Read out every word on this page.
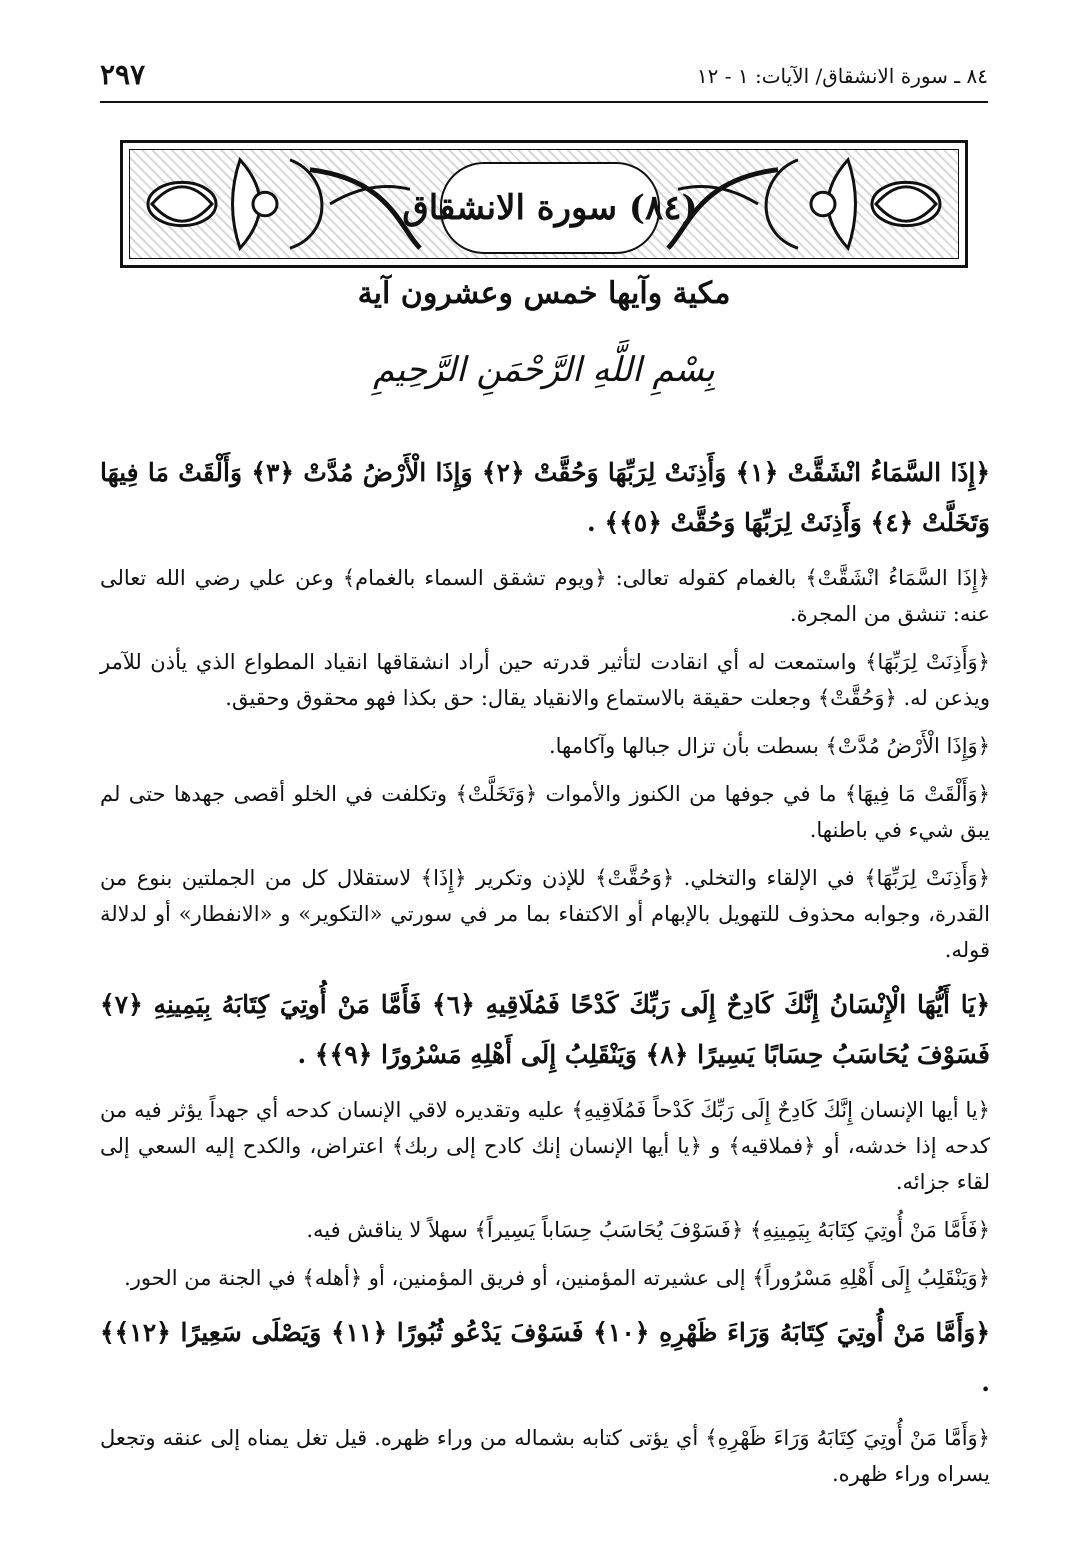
٢٩٧	٨٤ ـ سورة الانشقاق/ الآيات: ١ - ١٢
(٨٤) سورة الانشقاق
مكية وآيها خمس وعشرون آية
بِسْمِ اللَّهِ الرَّحْمَنِ الرَّحِيمِ

﴿إِذَا السَّمَاءُ انْشَقَّتْ ﴿١﴾ وَأَذِنَتْ لِرَبِّهَا وَحُقَّتْ ﴿٢﴾ وَإِذَا الْأَرْضُ مُدَّتْ ﴿٣﴾ وَأَلْقَتْ مَا فِيهَا وَتَخَلَّتْ ﴿٤﴾ وَأَذِنَتْ لِرَبِّهَا وَحُقَّتْ ﴿٥﴾﴾ .

﴿إِذَا السَّمَاءُ انْشَقَّتْ﴾ بالغمام كقوله تعالى: ﴿ويوم تشقق السماء بالغمام﴾ وعن علي رضي الله تعالى عنه: تنشق من المجرة.

﴿وَأَذِنَتْ لِرَبِّهَا﴾ واستمعت له أي انقادت لتأثير قدرته حين أراد انشقاقها انقياد المطواع الذي يأذن للآمر ويذعن له. ﴿وَحُقَّتْ﴾ وجعلت حقيقة بالاستماع والانقياد يقال: حق بكذا فهو محقوق وحقيق.

﴿وَإِذَا الْأَرْضُ مُدَّتْ﴾ بسطت بأن تزال جبالها وآكامها.

﴿وَأَلْقَتْ مَا فِيهَا﴾ ما في جوفها من الكنوز والأموات ﴿وَتَخَلَّتْ﴾ وتكلفت في الخلو أقصى جهدها حتى لم يبق شيء في باطنها.

﴿وَأَذِنَتْ لِرَبِّهَا﴾ في الإلقاء والتخلي. ﴿وَحُقَّتْ﴾ للإذن وتكرير ﴿إِذَا﴾ لاستقلال كل من الجملتين بنوع من القدرة، وجوابه محذوف للتهويل بالإبهام أو الاكتفاء بما مر في سورتي «التكوير» و «الانفطار» أو لدلالة قوله.

﴿يَا أَيُّهَا الْإِنْسَانُ إِنَّكَ كَادِحٌ إِلَى رَبِّكَ كَدْحًا فَمُلَاقِيهِ ﴿٦﴾ فَأَمَّا مَنْ أُوتِيَ كِتَابَهُ بِيَمِينِهِ ﴿٧﴾ فَسَوْفَ يُحَاسَبُ حِسَابًا يَسِيرًا ﴿٨﴾ وَيَنْقَلِبُ إِلَى أَهْلِهِ مَسْرُورًا ﴿٩﴾﴾ .

﴿يا أيها الإنسان إِنَّكَ كَادِحٌ إِلَى رَبِّكَ كَدْحاً فَمُلَاقِيهِ﴾ عليه وتقديره لاقي الإنسان كدحه أي جهداً يؤثر فيه من كدحه إذا خدشه، أو ﴿فملاقيه﴾ و ﴿يا أيها الإنسان إنك كادح إلى ربك﴾ اعتراض، والكدح إليه السعي إلى لقاء جزائه.

﴿فَأَمَّا مَنْ أُوتِيَ كِتَابَهُ بِيَمِينِهِ﴾ ﴿فَسَوْفَ يُحَاسَبُ حِسَاباً يَسِيراً﴾ سهلاً لا يناقش فيه.

﴿وَيَنْقَلِبُ إِلَى أَهْلِهِ مَسْرُوراً﴾ إلى عشيرته المؤمنين، أو فريق المؤمنين، أو ﴿أهله﴾ في الجنة من الحور.

﴿وَأَمَّا مَنْ أُوتِيَ كِتَابَهُ وَرَاءَ ظَهْرِهِ ﴿١٠﴾ فَسَوْفَ يَدْعُو ثُبُورًا ﴿١١﴾ وَيَصْلَى سَعِيرًا ﴿١٢﴾﴾ .

﴿وَأَمَّا مَنْ أُوتِيَ كِتَابَهُ وَرَاءَ ظَهْرِهِ﴾ أي يؤتى كتابه بشماله من وراء ظهره. قيل تغل يمناه إلى عنقه وتجعل يسراه وراء ظهره.
